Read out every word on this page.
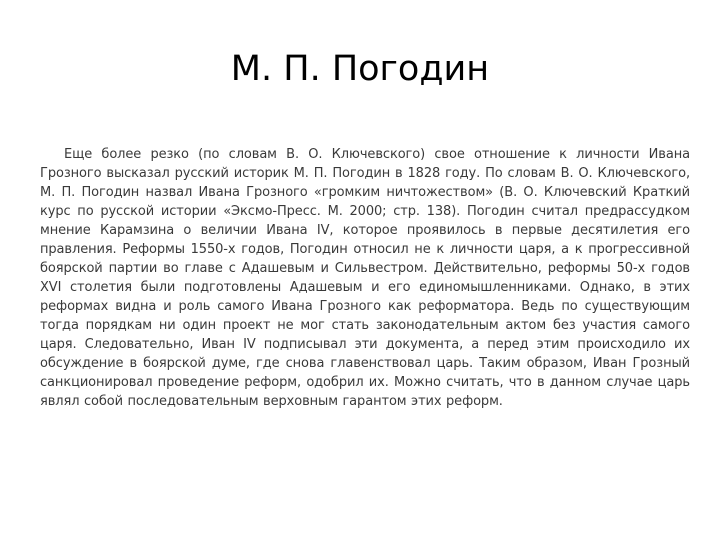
М. П. Погодин

Еще более резко (по словам В. О. Ключевского) свое отношение к личности Ивана Грозного высказал русский историк М. П. Погодин в 1828 году. По словам В. О. Ключевского, М. П. Погодин назвал Ивана Грозного «громким ничтожеством» (В. О. Ключевский Краткий курс по русской истории «Эксмо-Пресс. М. 2000; стр. 138). Погодин считал предрассудком мнение Карамзина о величии Ивана IV, которое проявилось в первые десятилетия его правления. Реформы 1550-х годов, Погодин относил не к личности царя, а к прогрессивной боярской партии во главе с Адашевым и Сильвестром. Действительно, реформы 50-х годов XVI столетия были подготовлены Адашевым и его единомышленниками. Однако, в этих реформах видна и роль самого Ивана Грозного как реформатора. Ведь по существующим тогда порядкам ни один проект не мог стать законодательным актом без участия самого царя. Следовательно, Иван IV подписывал эти документа, а перед этим происходило их обсуждение в боярской думе, где снова главенствовал царь. Таким образом, Иван Грозный санкционировал проведение реформ, одобрил их. Можно считать, что в данном случае царь являл собой последовательным верховным гарантом этих реформ.
